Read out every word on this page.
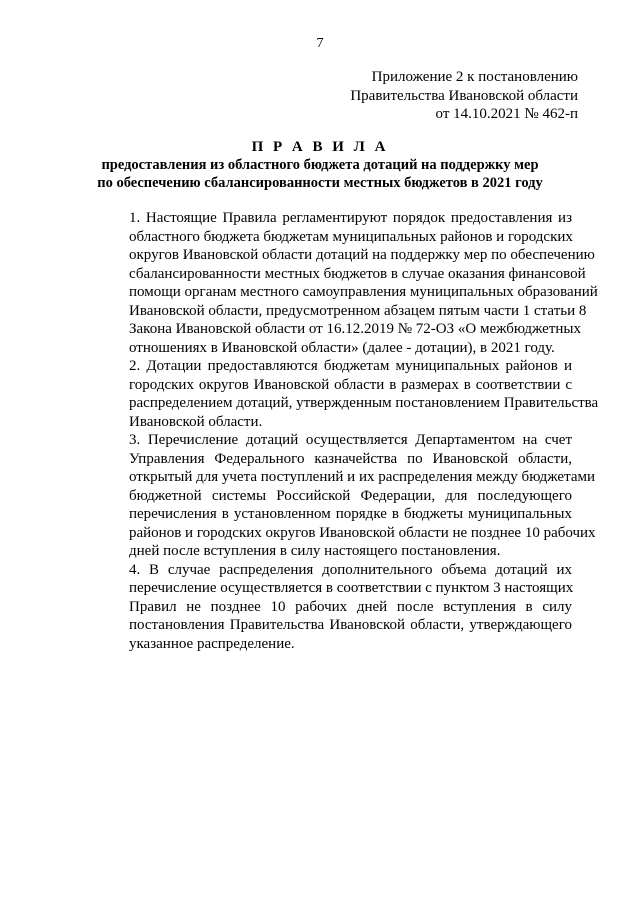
7
Приложение 2 к постановлению
Правительства Ивановской области
от 14.10.2021 № 462-п
П Р А В И Л А
предоставления из областного бюджета дотаций на поддержку мер
по обеспечению сбалансированности местных бюджетов в 2021 году
1. Настоящие Правила регламентируют порядок предоставления из
областного бюджета бюджетам муниципальных районов и городских
округов Ивановской области дотаций на поддержку мер по обеспечению
сбалансированности местных бюджетов в случае оказания финансовой
помощи органам местного самоуправления муниципальных образований
Ивановской области, предусмотренном абзацем пятым части 1 статьи 8
Закона Ивановской области от 16.12.2019 № 72-ОЗ «О межбюджетных
отношениях в Ивановской области» (далее - дотации), в 2021 году.
2. Дотации предоставляются бюджетам муниципальных районов и
городских округов Ивановской области в размерах в соответствии с
распределением дотаций, утвержденным постановлением Правительства
Ивановской области.
3. Перечисление дотаций осуществляется Департаментом на счет
Управления Федерального казначейства по Ивановской области,
открытый для учета поступлений и их распределения между бюджетами
бюджетной системы Российской Федерации, для последующего
перечисления в установленном порядке в бюджеты муниципальных
районов и городских округов Ивановской области не позднее 10 рабочих
дней после вступления в силу настоящего постановления.
4. В случае распределения дополнительного объема дотаций их
перечисление осуществляется в соответствии с пунктом 3 настоящих
Правил не позднее 10 рабочих дней после вступления в силу
постановления Правительства Ивановской области, утверждающего
указанное распределение.
